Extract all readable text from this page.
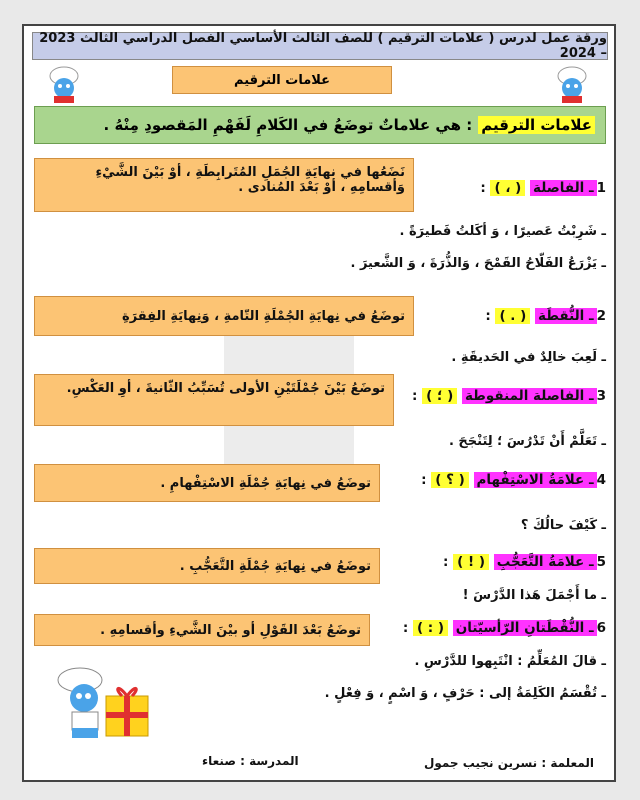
ورقة عمل لدرس ( علامات الترقيم ) للصف الثالث الأساسي الفصل الدراسي الثالث 2023 – 2024
علامات الترقيم
علامات الترقيم
: هي علاماتٌ توضَعُ في الكَلامِ لَفَهْمِ المَقصودِ مِنْهُ .
1ـ الفاصلة ( ، ) :
نَضَعُها في نهايَةِ الجُمَلِ المُتَرابِطَةِ ، أوْ بَيْنَ الشَّيْءِ وَأقسامِهِ ، أوْ بَعْدَ المُنادى .
ـ شَرِبْتُ عَصيرًا ، وَ أكَلتُ فَطيرَةً .
ـ يَزْرَعُ الفَلّاحُ القَمْحَ ، وَالذُّرَةَ ، وَ الشَّعيرَ .
توضَعُ في نِهايَةِ الجُمْلَةِ التّامةِ ، وَنِهايَةِ الفِقرَةِ	2ـ النُّقطَة ( . ) :
ـ لَعِبَ خالِدٌ في الحَديقَةِ .
توضَعُ بَيْنَ جُمْلَتَيْنِ الأولى تُسَبِّبُ الثّانيةَ ، أوِ العَكْسِ.	3ـ الفاصلة المنقوطة ( ؛ ) :
ـ تَعَلَّمْ أَنْ تَدْرُسَ ؛ لِتَنْجَحَ .
توضَعُ في نِهايَةِ جُمْلَةِ الاسْتِفْهامِ .	4ـ علامَةُ الاسْتِفْهام ( ؟ ) :
ـ كَيْفَ حالُكَ ؟
توضَعُ في نِهايَةِ جُمْلَةِ التَّعَجُّبِ .	5ـ علامَةُ التَّعَجُّبِ ( ! ) :
ـ ما أَجْمَلَ هَذا الدَّرْسَ !
توضَعُ بَعْدَ القَوْلِ أو بيْنَ الشَّيءِ وأقسامِهِ .	6ـ النُّقْطَتانِ الرّأسيّتان ( : ) :
ـ قالَ المُعَلِّمُ : انْتَبِهوا للدَّرْسِ .
ـ تُقْسَمُ الكَلِمَةُ إلى : حَرْفٍ ، وَ اسْمٍ ، وَ فِعْلٍ .
المعلمة : نسرين نجيب جمول
المدرسة : صنعاء
